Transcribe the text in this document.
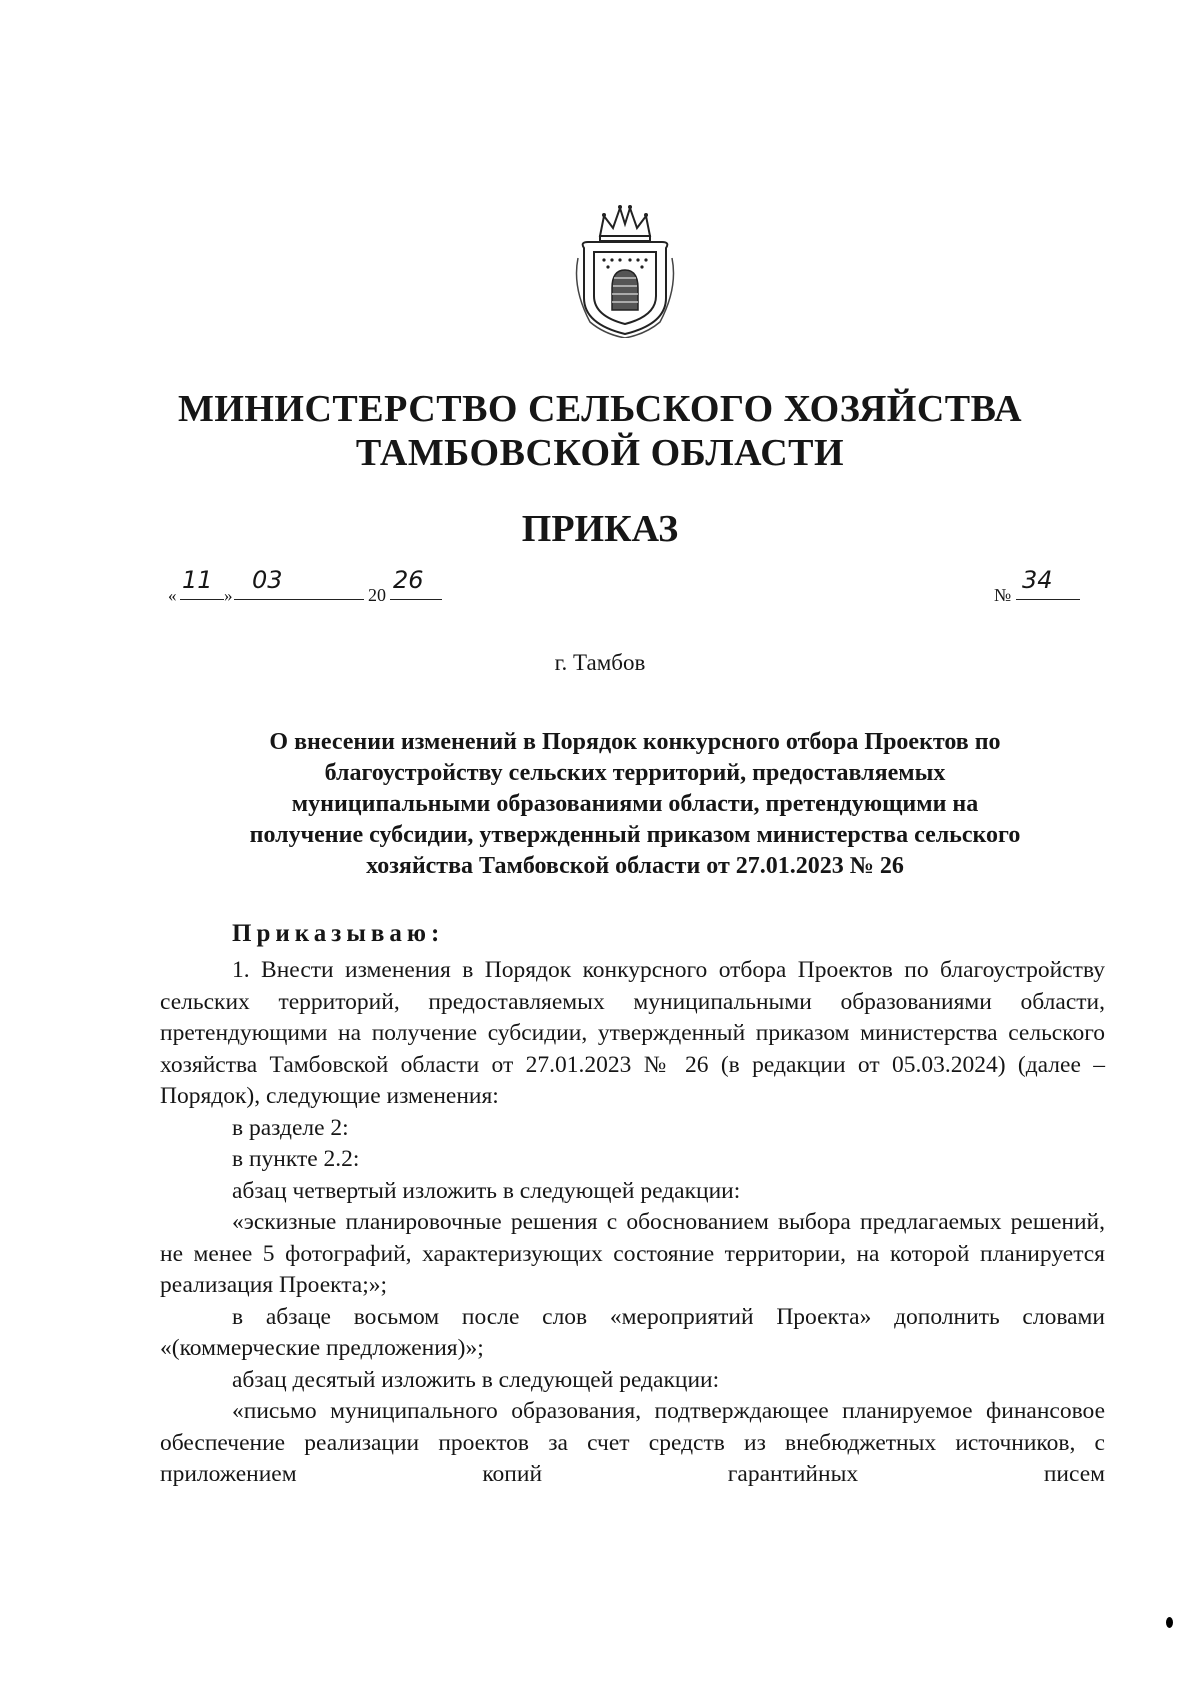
МИНИСТЕРСТВО СЕЛЬСКОГО ХОЗЯЙСТВА
ТАМБОВСКОЙ ОБЛАСТИ
ПРИКАЗ
«
11
»
03
20
26
№
34
г. Тамбов
О внесении изменений в Порядок конкурсного отбора Проектов по
благоустройству сельских территорий, предоставляемых
муниципальными образованиями области, претендующими на
получение субсидии, утвержденный приказом министерства сельского
хозяйства Тамбовской области от 27.01.2023 № 26
Приказываю:

1. Внести изменения в Порядок конкурсного отбора Проектов по благоустройству сельских территорий, предоставляемых муниципальными образованиями области, претендующими на получение субсидии, утвержденный приказом министерства сельского хозяйства Тамбовской области от 27.01.2023 № 26 (в редакции от 05.03.2024) (далее – Порядок), следующие изменения:

в разделе 2:

в пункте 2.2:

абзац четвертый изложить в следующей редакции:

«эскизные планировочные решения с обоснованием выбора предлагаемых решений, не менее 5 фотографий, характеризующих состояние территории, на которой планируется реализация Проекта;»;

в абзаце восьмом после слов «мероприятий Проекта» дополнить словами «(коммерческие предложения)»;

абзац десятый изложить в следующей редакции:

«письмо муниципального образования, подтверждающее планируемое финансовое обеспечение реализации проектов за счет средств из внебюджетных источников, с приложением копий гарантийных писем
